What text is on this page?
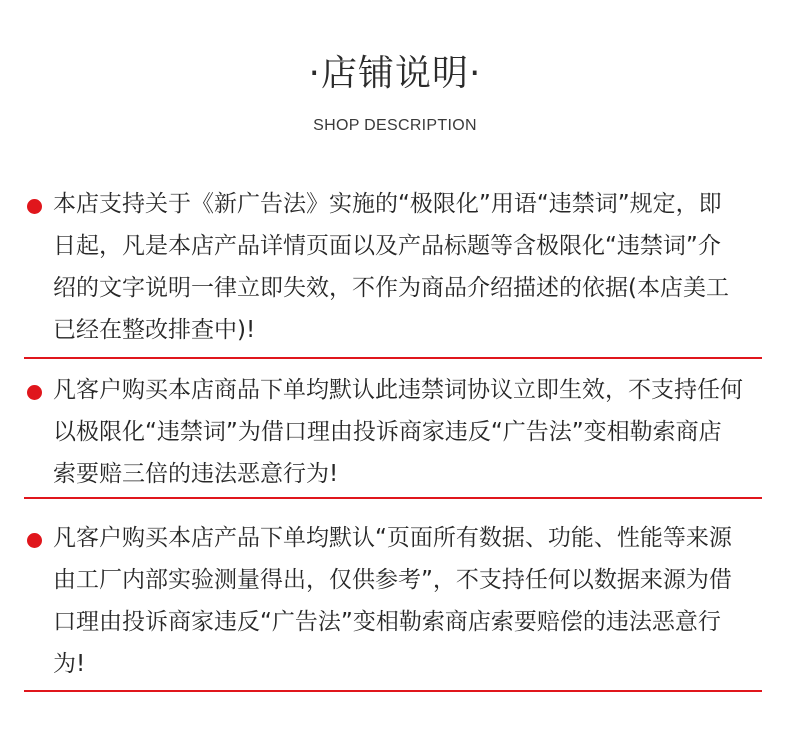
·店铺说明·
SHOP DESCRIPTION
本店支持关于《新广告法》实施的“极限化”用语“违禁词”规定，即日起，凡是本店产品详情页面以及产品标题等含极限化“违禁词”介绍的文字说明一律立即失效，不作为商品介绍描述的依据(本店美工已经在整改排查中)!
凡客户购买本店商品下单均默认此违禁词协议立即生效，不支持任何以极限化“违禁词”为借口理由投诉商家违反“广告法”变相勒索商店索要赔三倍的违法恶意行为!
凡客户购买本店产品下单均默认“页面所有数据、功能、性能等来源由工厂内部实验测量得出，仅供参考”，不支持任何以数据来源为借口理由投诉商家违反“广告法”变相勒索商店索要赔偿的违法恶意行为!
